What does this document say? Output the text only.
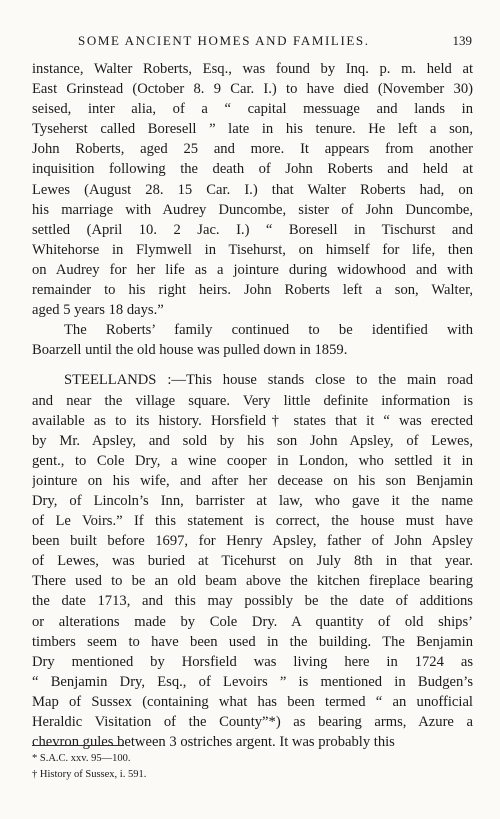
SOME ANCIENT HOMES AND FAMILIES.	139
instance, Walter Roberts, Esq., was found by Inq. p. m. held at
East Grinstead (October 8. 9 Car. I.) to have died (November 30)
seised, inter alia, of a “ capital messuage and lands in
Tyseherst called Boresell ” late in his tenure. He left a son,
John Roberts, aged 25 and more. It appears from another
inquisition following the death of John Roberts and held at
Lewes (August 28. 15 Car. I.) that Walter Roberts had, on
his marriage with Audrey Duncombe, sister of John Duncombe,
settled (April 10. 2 Jac. I.) “ Boresell in Tischurst and
Whitehorse in Flymwell in Tisehurst, on himself for life, then
on Audrey for her life as a jointure during widowhood and with
remainder to his right heirs. John Roberts left a son, Walter,
aged 5 years 18 days.”
The Roberts’ family continued to be identified with
Boarzell until the old house was pulled down in 1859.
STEELLANDS :—This house stands close to the main road
and near the village square. Very little definite information is
available as to its history. Horsfield† states that it “ was erected
by Mr. Apsley, and sold by his son John Apsley, of Lewes,
gent., to Cole Dry, a wine cooper in London, who settled it in
jointure on his wife, and after her decease on his son Benjamin
Dry, of Lincoln’s Inn, barrister at law, who gave it the name
of Le Voirs.” If this statement is correct, the house must have
been built before 1697, for Henry Apsley, father of John Apsley
of Lewes, was buried at Ticehurst on July 8th in that year.
There used to be an old beam above the kitchen fireplace bearing
the date 1713, and this may possibly be the date of additions
or alterations made by Cole Dry. A quantity of old ships’
timbers seem to have been used in the building. The Benjamin
Dry mentioned by Horsfield was living here in 1724 as
“ Benjamin Dry, Esq., of Levoirs ” is mentioned in Budgen’s
Map of Sussex (containing what has been termed “ an unofficial
Heraldic Visitation of the County”*) as bearing arms, Azure a
chevron gules between 3 ostriches argent. It was probably this
* S.A.C. xxv. 95—100.
† History of Sussex, i. 591.
